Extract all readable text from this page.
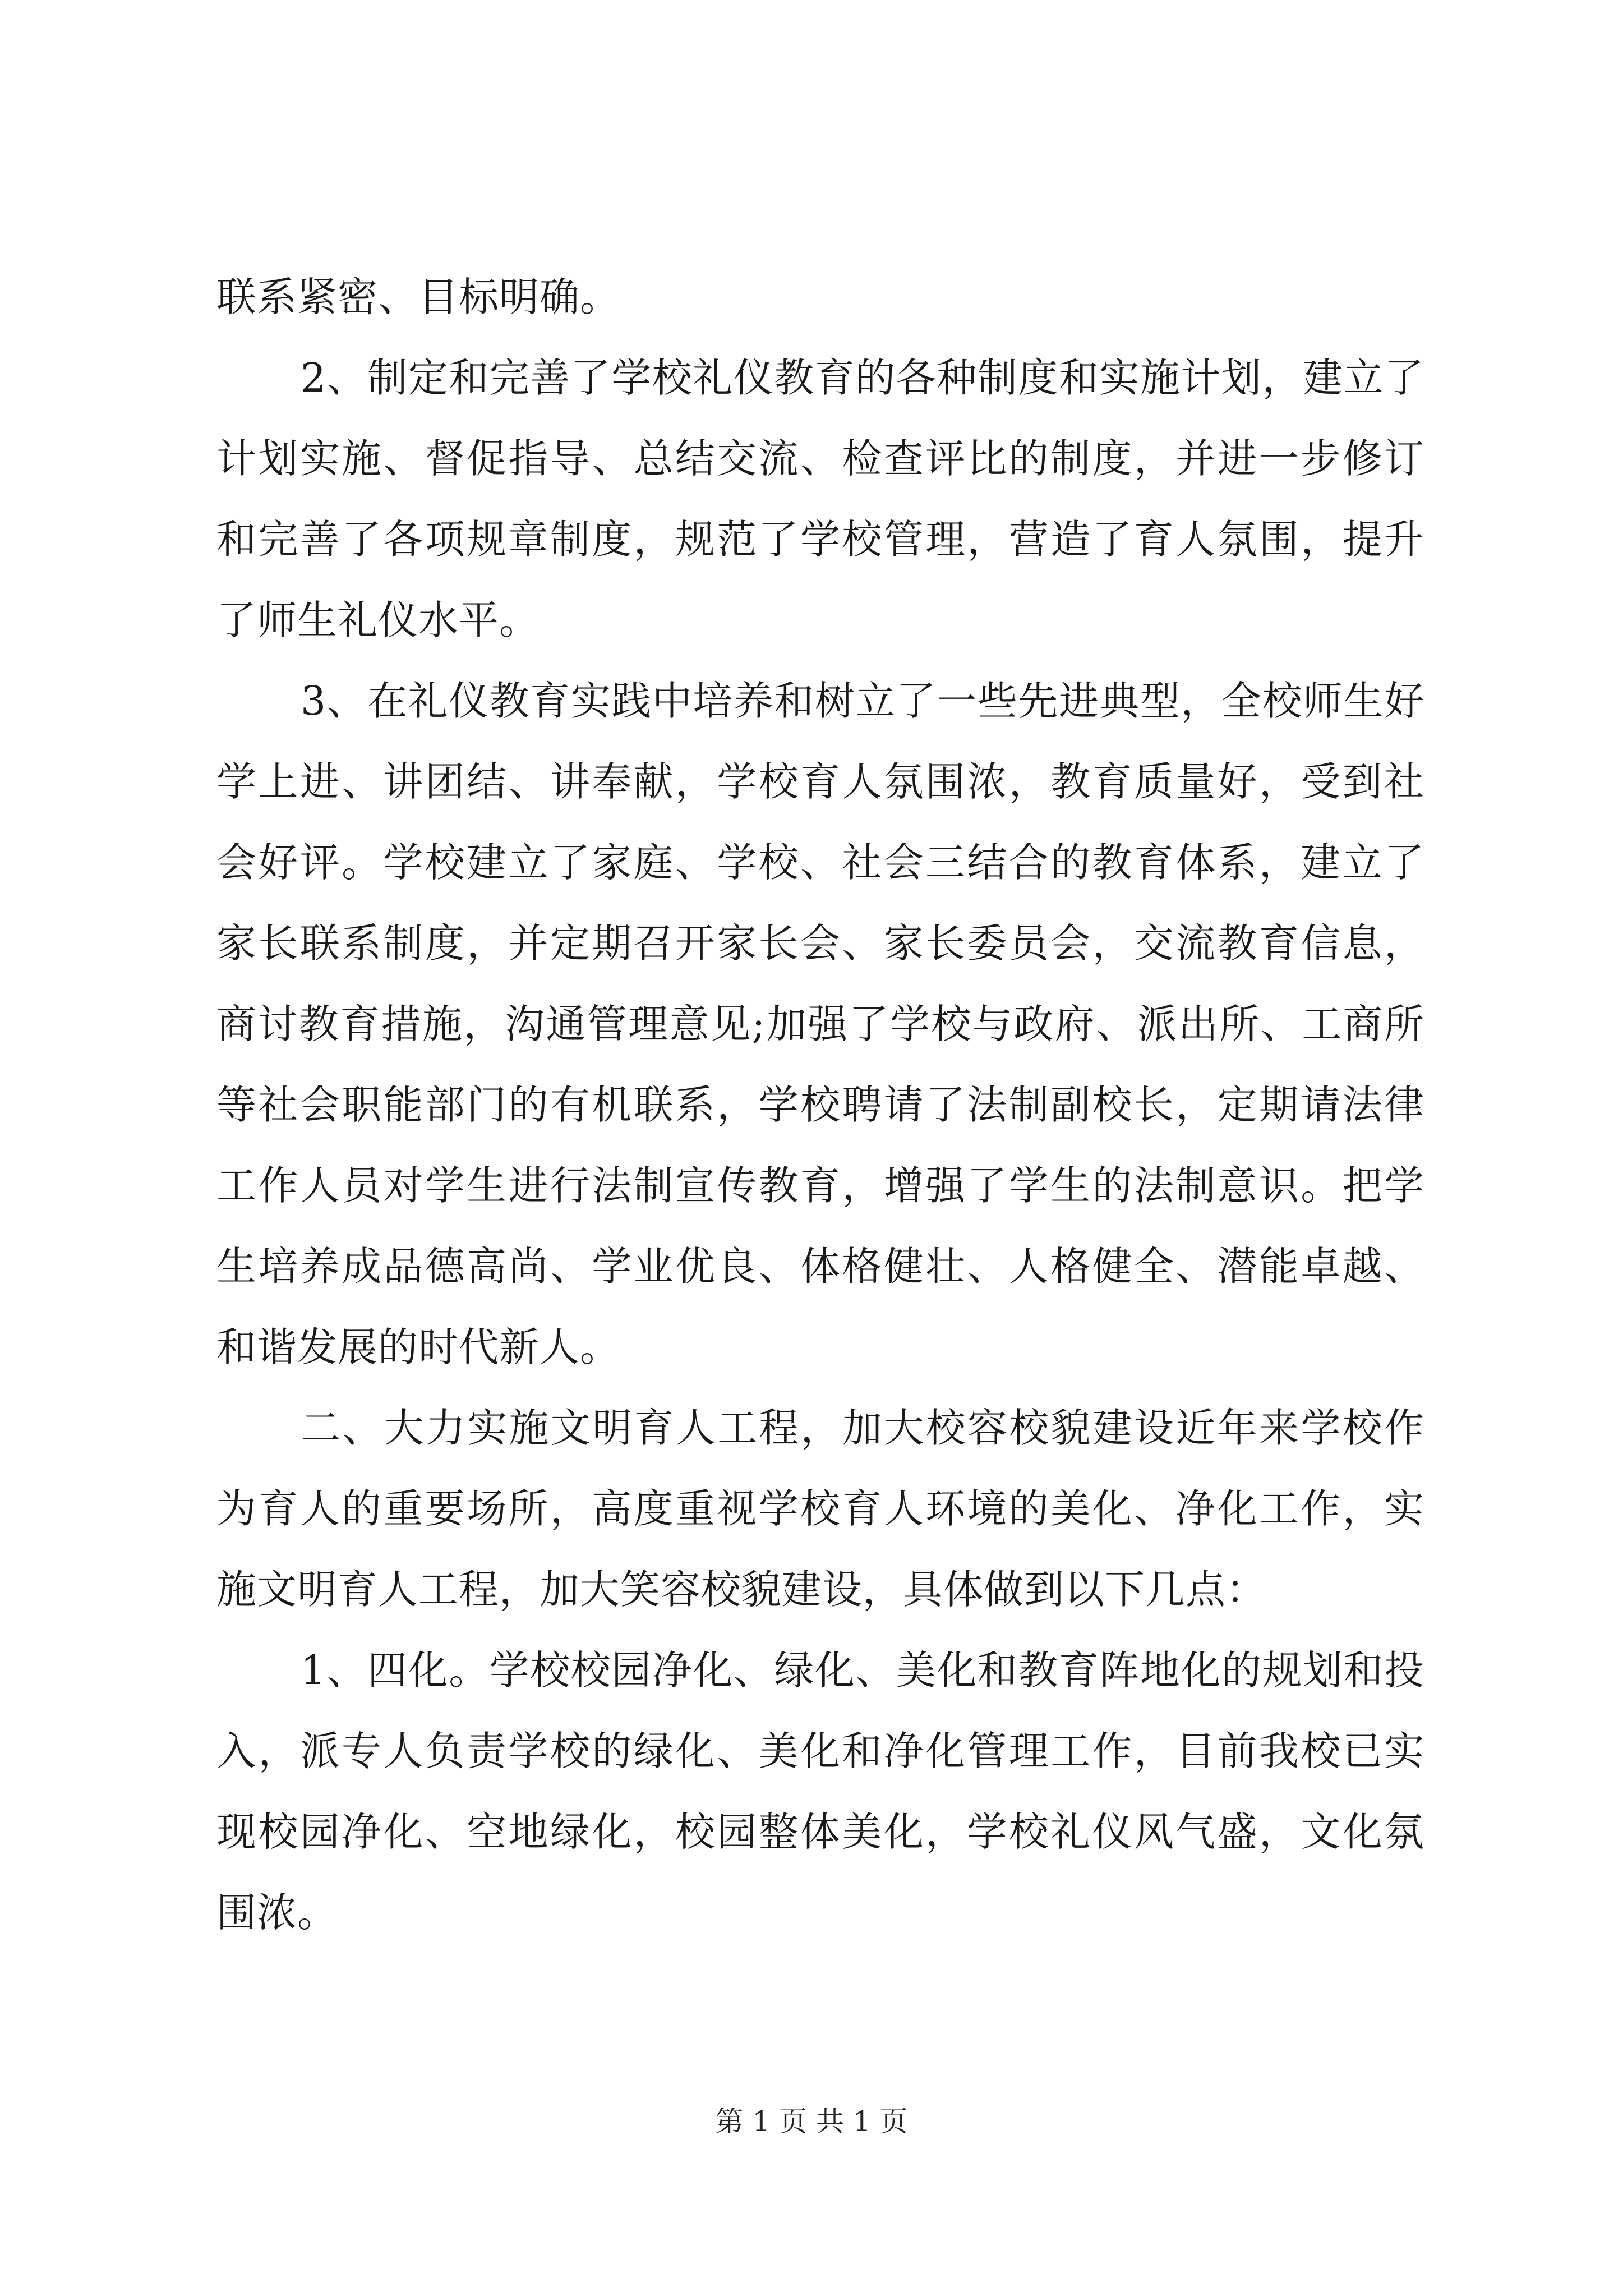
联系紧密、目标明确。

2、制定和完善了学校礼仪教育的各种制度和实施计划，建立了计划实施、督促指导、总结交流、检查评比的制度，并进一步修订和完善了各项规章制度，规范了学校管理，营造了育人氛围，提升了师生礼仪水平。

3、在礼仪教育实践中培养和树立了一些先进典型，全校师生好学上进、讲团结、讲奉献，学校育人氛围浓，教育质量好，受到社会好评。学校建立了家庭、学校、社会三结合的教育体系，建立了家长联系制度，并定期召开家长会、家长委员会，交流教育信息，商讨教育措施，沟通管理意见;加强了学校与政府、派出所、工商所等社会职能部门的有机联系，学校聘请了法制副校长，定期请法律工作人员对学生进行法制宣传教育，增强了学生的法制意识。把学生培养成品德高尚、学业优良、体格健壮、人格健全、潜能卓越、和谐发展的时代新人。

二、大力实施文明育人工程，加大校容校貌建设近年来学校作为育人的重要场所，高度重视学校育人环境的美化、净化工作，实施文明育人工程，加大笑容校貌建设，具体做到以下几点：

1、四化。学校校园净化、绿化、美化和教育阵地化的规划和投入，派专人负责学校的绿化、美化和净化管理工作，目前我校已实现校园净化、空地绿化，校园整体美化，学校礼仪风气盛，文化氛围浓。

第 1 页 共 1 页
